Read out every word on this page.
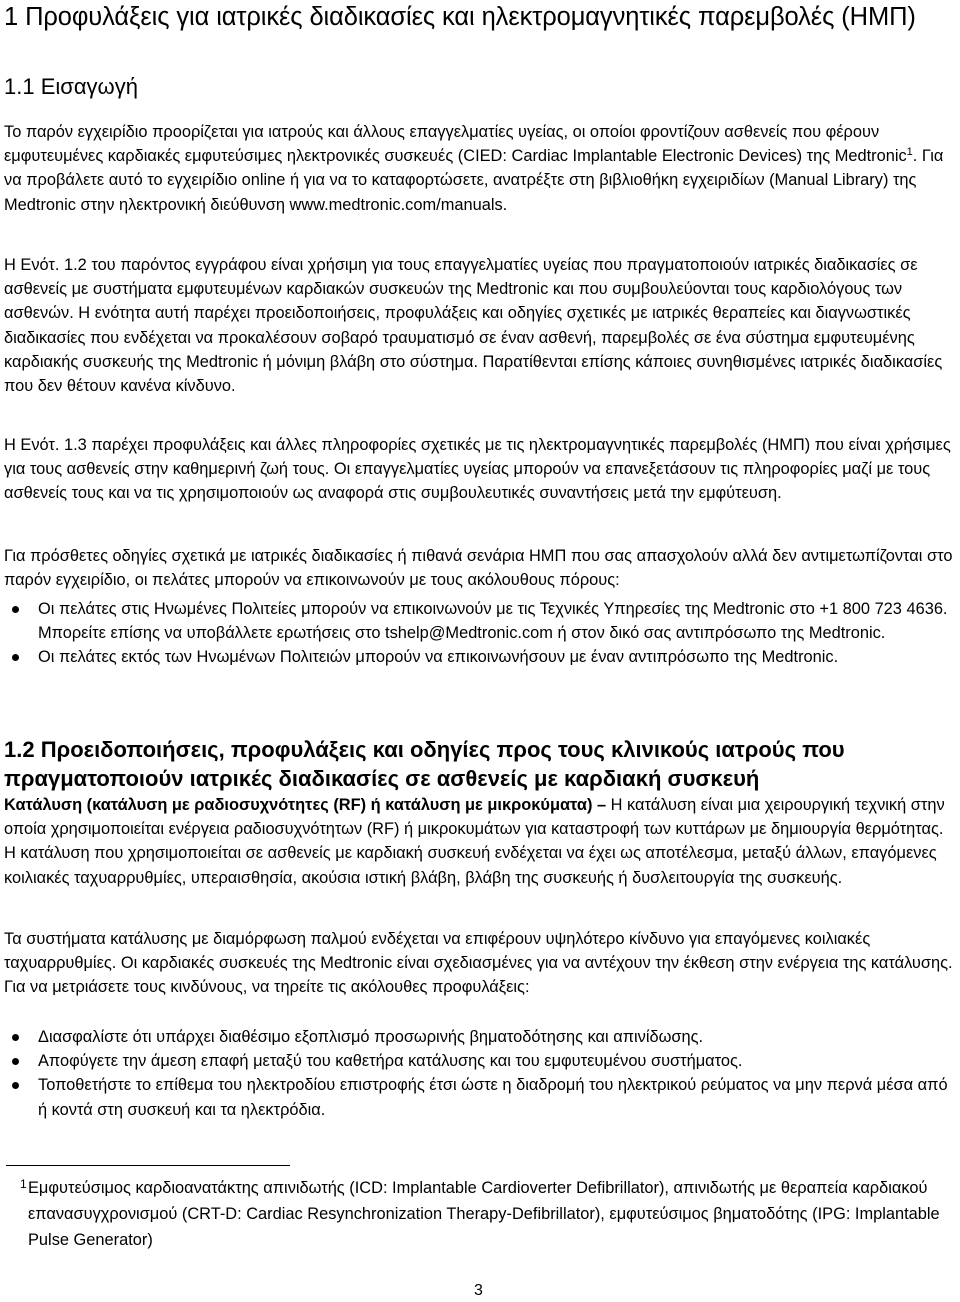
1 Προφυλάξεις για ιατρικές διαδικασίες και ηλεκτρομαγνητικές παρεμβολές (ΗΜΠ)
1.1 Εισαγωγή

Το παρόν εγχειρίδιο προορίζεται για ιατρούς και άλλους επαγγελματίες υγείας, οι οποίοι φροντίζουν ασθενείς που φέρουν εμφυτευμένες καρδιακές εμφυτεύσιμες ηλεκτρονικές συσκευές (CIED: Cardiac Implantable Electronic Devices) της Medtronic$^1$. Για να προβάλετε αυτό το εγχειρίδιο online ή για να το καταφορτώσετε, ανατρέξτε στη βιβλιοθήκη εγχειριδίων (Manual Library) της Medtronic στην ηλεκτρονική διεύθυνση www.medtronic.com/manuals.

Η Ενότ. 1.2 του παρόντος εγγράφου είναι χρήσιμη για τους επαγγελματίες υγείας που πραγματοποιούν ιατρικές διαδικασίες σε ασθενείς με συστήματα εμφυτευμένων καρδιακών συσκευών της Medtronic και που συμβουλεύονται τους καρδιολόγους των ασθενών. Η ενότητα αυτή παρέχει προειδοποιήσεις, προφυλάξεις και οδηγίες σχετικές με ιατρικές θεραπείες και διαγνωστικές διαδικασίες που ενδέχεται να προκαλέσουν σοβαρό τραυματισμό σε έναν ασθενή, παρεμβολές σε ένα σύστημα εμφυτευμένης καρδιακής συσκευής της Medtronic ή μόνιμη βλάβη στο σύστημα. Παρατίθενται επίσης κάποιες συνηθισμένες ιατρικές διαδικασίες που δεν θέτουν κανένα κίνδυνο.

Η Ενότ. 1.3 παρέχει προφυλάξεις και άλλες πληροφορίες σχετικές με τις ηλεκτρομαγνητικές παρεμβολές (ΗΜΠ) που είναι χρήσιμες για τους ασθενείς στην καθημερινή ζωή τους. Οι επαγγελματίες υγείας μπορούν να επανεξετάσουν τις πληροφορίες μαζί με τους ασθενείς τους και να τις χρησιμοποιούν ως αναφορά στις συμβουλευτικές συναντήσεις μετά την εμφύτευση.

Για πρόσθετες οδηγίες σχετικά με ιατρικές διαδικασίες ή πιθανά σενάρια ΗΜΠ που σας απασχολούν αλλά δεν αντιμετωπίζονται στο παρόν εγχειρίδιο, οι πελάτες μπορούν να επικοινωνούν με τους ακόλουθους πόρους:

Οι πελάτες στις Ηνωμένες Πολιτείες μπορούν να επικοινωνούν με τις Τεχνικές Υπηρεσίες της Medtronic στο +1 800 723 4636. Μπορείτε επίσης να υποβάλλετε ερωτήσεις στο tshelp@Medtronic.com ή στον δικό σας αντιπρόσωπο της Medtronic.
Οι πελάτες εκτός των Ηνωμένων Πολιτειών μπορούν να επικοινωνήσουν με έναν αντιπρόσωπο της Medtronic.
1.2 Προειδοποιήσεις, προφυλάξεις και οδηγίες προς τους κλινικούς ιατρούς που πραγματοποιούν ιατρικές διαδικασίες σε ασθενείς με καρδιακή συσκευή

Κατάλυση (κατάλυση με ραδιοσυχνότητες (RF) ή κατάλυση με μικροκύματα) – Η κατάλυση είναι μια χειρουργική τεχνική στην οποία χρησιμοποιείται ενέργεια ραδιοσυχνότητων (RF) ή μικροκυμάτων για καταστροφή των κυττάρων με δημιουργία θερμότητας. Η κατάλυση που χρησιμοποιείται σε ασθενείς με καρδιακή συσκευή ενδέχεται να έχει ως αποτέλεσμα, μεταξύ άλλων, επαγόμενες κοιλιακές ταχυαρρυθμίες, υπεραισθησία, ακούσια ιστική βλάβη, βλάβη της συσκευής ή δυσλειτουργία της συσκευής.

Τα συστήματα κατάλυσης με διαμόρφωση παλμού ενδέχεται να επιφέρουν υψηλότερο κίνδυνο για επαγόμενες κοιλιακές ταχυαρρυθμίες. Οι καρδιακές συσκευές της Medtronic είναι σχεδιασμένες για να αντέχουν την έκθεση στην ενέργεια της κατάλυσης. Για να μετριάσετε τους κινδύνους, να τηρείτε τις ακόλουθες προφυλάξεις:

Διασφαλίστε ότι υπάρχει διαθέσιμο εξοπλισμό προσωρινής βηματοδότησης και απινίδωσης.
Αποφύγετε την άμεση επαφή μεταξύ του καθετήρα κατάλυσης και του εμφυτευμένου συστήματος.
Τοποθετήστε το επίθεμα του ηλεκτροδίου επιστροφής έτσι ώστε η διαδρομή του ηλεκτρικού ρεύματος να μην περνά μέσα από ή κοντά στη συσκευή και τα ηλεκτρόδια.

1 Εμφυτεύσιμος καρδιοανατάκτης απινιδωτής (ICD: Implantable Cardioverter Defibrillator), απινιδωτής με θεραπεία καρδιακού επανασυγχρονισμού (CRT-D: Cardiac Resynchronization Therapy-Defibrillator), εμφυτεύσιμος βηματοδότης (IPG: Implantable Pulse Generator)

3
